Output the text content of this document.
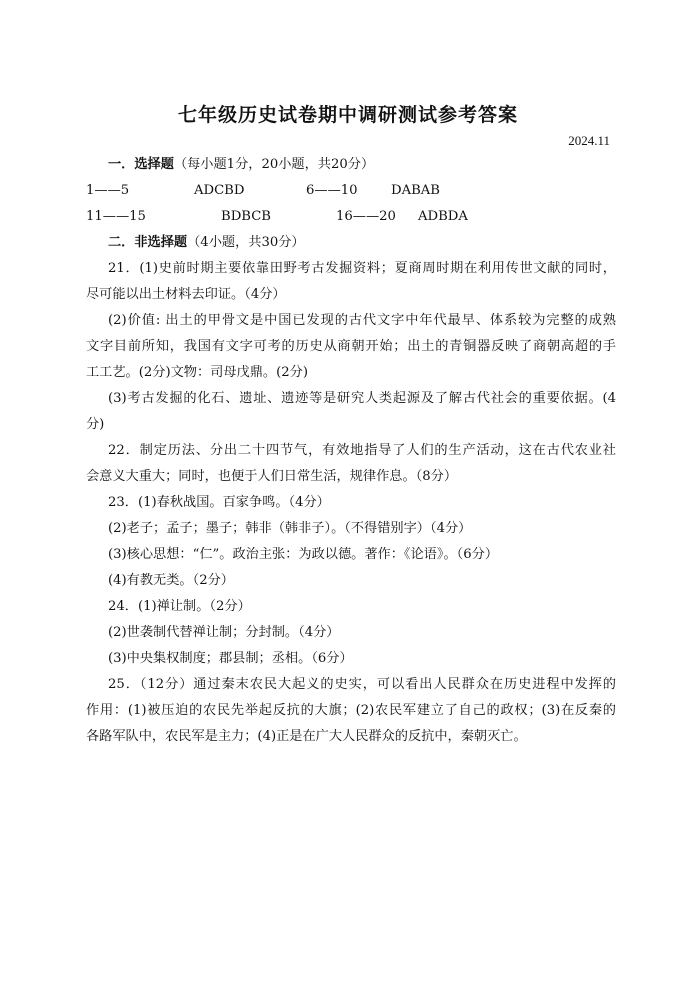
七年级历史试卷期中调研测试参考答案
2024.11
一．选择题（每小题1分，20小题，共20分）
1——5	ADCBD	6——10	DABAB
11——15	BDBCB	16——20 ADBDA
二．非选择题（4小题，共30分）
21．(1)史前时期主要依靠田野考古发掘资料；夏商周时期在利用传世文献的同时，
尽可能以出土材料去印证。（4分）
(2)价值: 出土的甲骨文是中国已发现的古代文字中年代最早、体系较为完整的成熟
文字目前所知，我国有文字可考的历史从商朝开始；出土的青铜器反映了商朝高超的手
工工艺。(2分)文物：司母戊鼎。(2分)
(3)考古发掘的化石、遗址、遗迹等是研究人类起源及了解古代社会的重要依据。(4
分)
22．制定历法、分出二十四节气，有效地指导了人们的生产活动，这在古代农业社
会意义大重大；同时，也便于人们日常生活，规律作息。（8分）
23．(1)春秋战国。百家争鸣。（4分）
(2)老子；孟子；墨子；韩非（韩非子）。（不得错别字）（4分）
(3)核心思想：“仁”。政治主张：为政以德。著作：《论语》。（6分）
(4)有教无类。（2分）
24．(1)禅让制。（2分）
(2)世袭制代替禅让制；分封制。（4分）
(3)中央集权制度；郡县制；丞相。（6分）
25．（12分）通过秦末农民大起义的史实，可以看出人民群众在历史进程中发挥的
作用：(1)被压迫的农民先举起反抗的大旗；(2)农民军建立了自己的政权；(3)在反秦的
各路军队中，农民军是主力；(4)正是在广大人民群众的反抗中，秦朝灭亡。
